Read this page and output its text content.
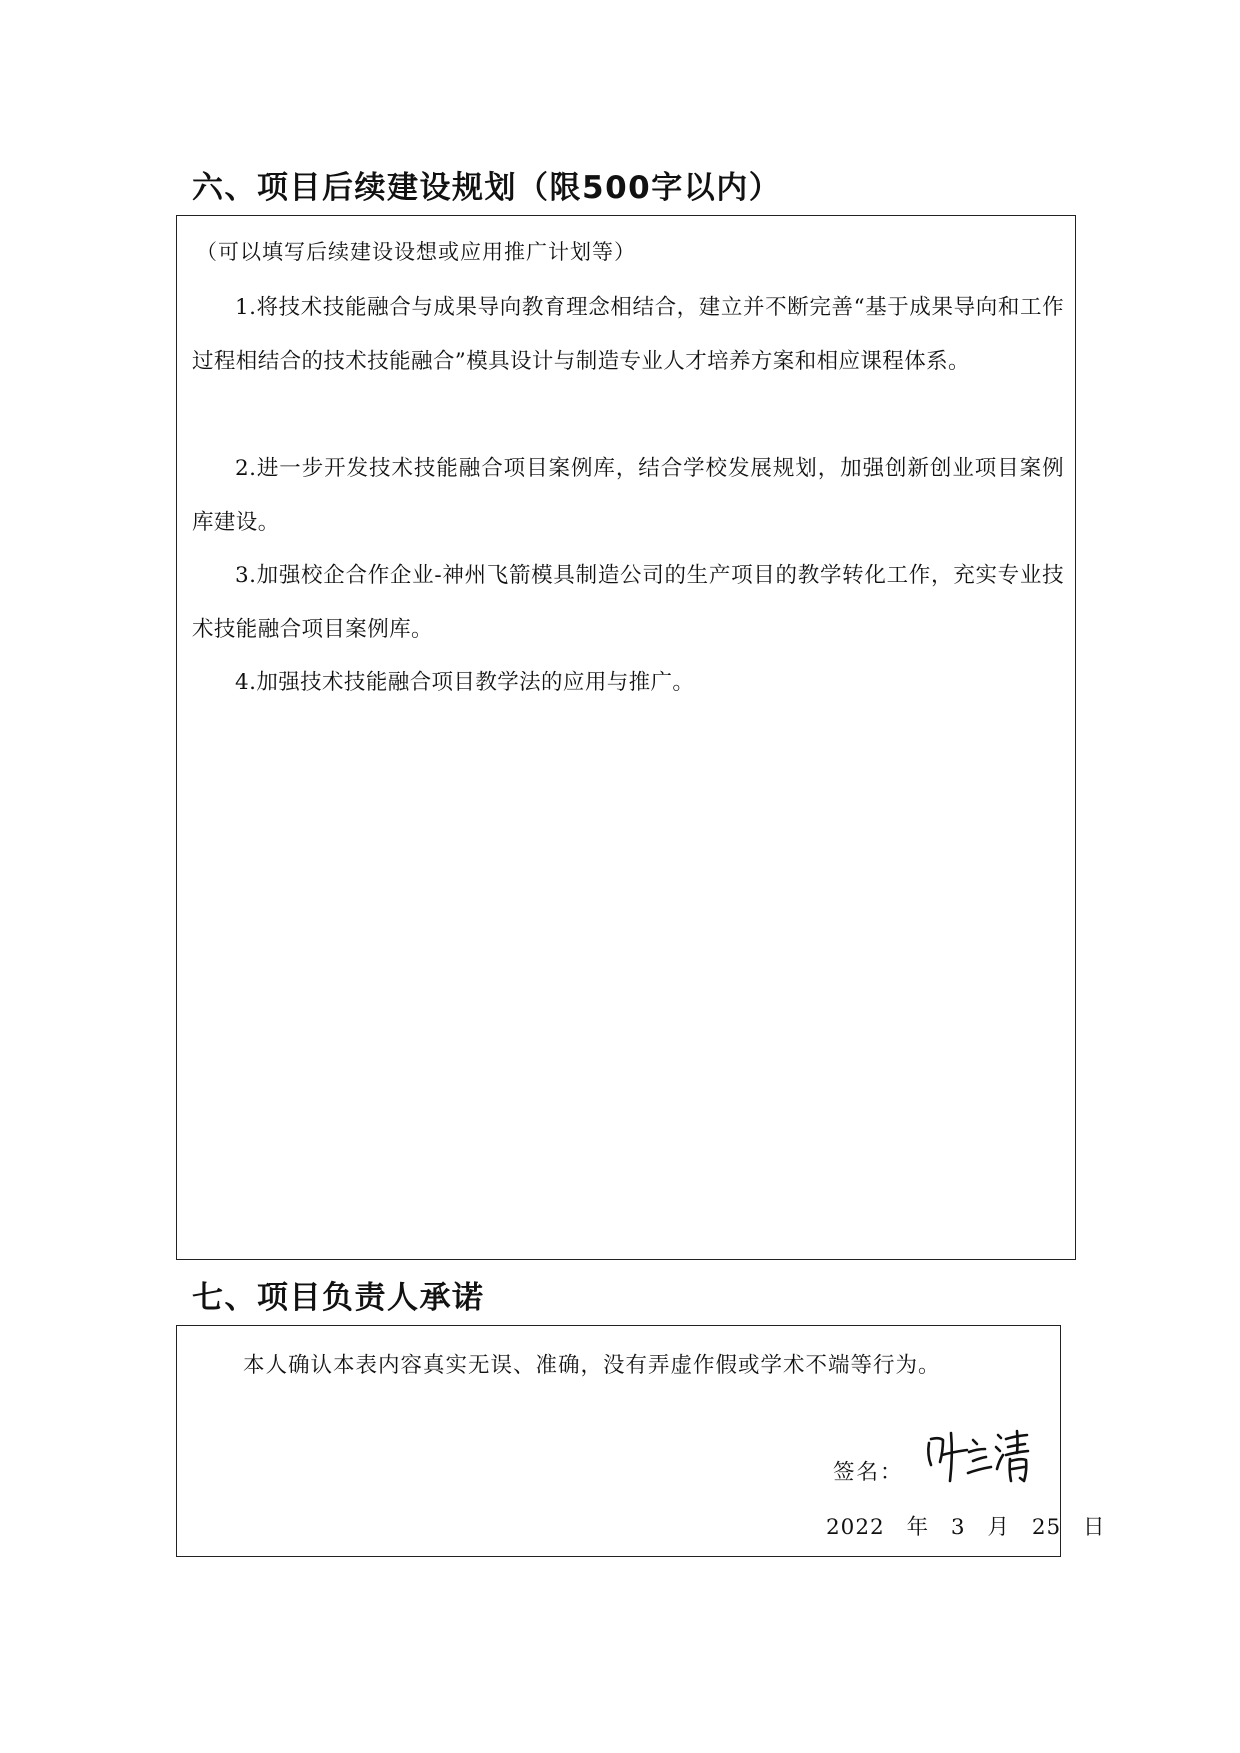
六、项目后续建设规划（限500字以内）
（可以填写后续建设设想或应用推广计划等）

1.将技术技能融合与成果导向教育理念相结合，建立并不断完善“基于成果导向和工作过程相结合的技术技能融合”模具设计与制造专业人才培养方案和相应课程体系。

2.进一步开发技术技能融合项目案例库，结合学校发展规划，加强创新创业项目案例库建设。

3.加强校企合作企业-神州飞箭模具制造公司的生产项目的教学转化工作，充实专业技术技能融合项目案例库。

4.加强技术技能融合项目教学法的应用与推广。

七、项目负责人承诺
本人确认本表内容真实无误、准确，没有弄虚作假或学术不端等行为。
签名：
2022 年 3 月 25 日
